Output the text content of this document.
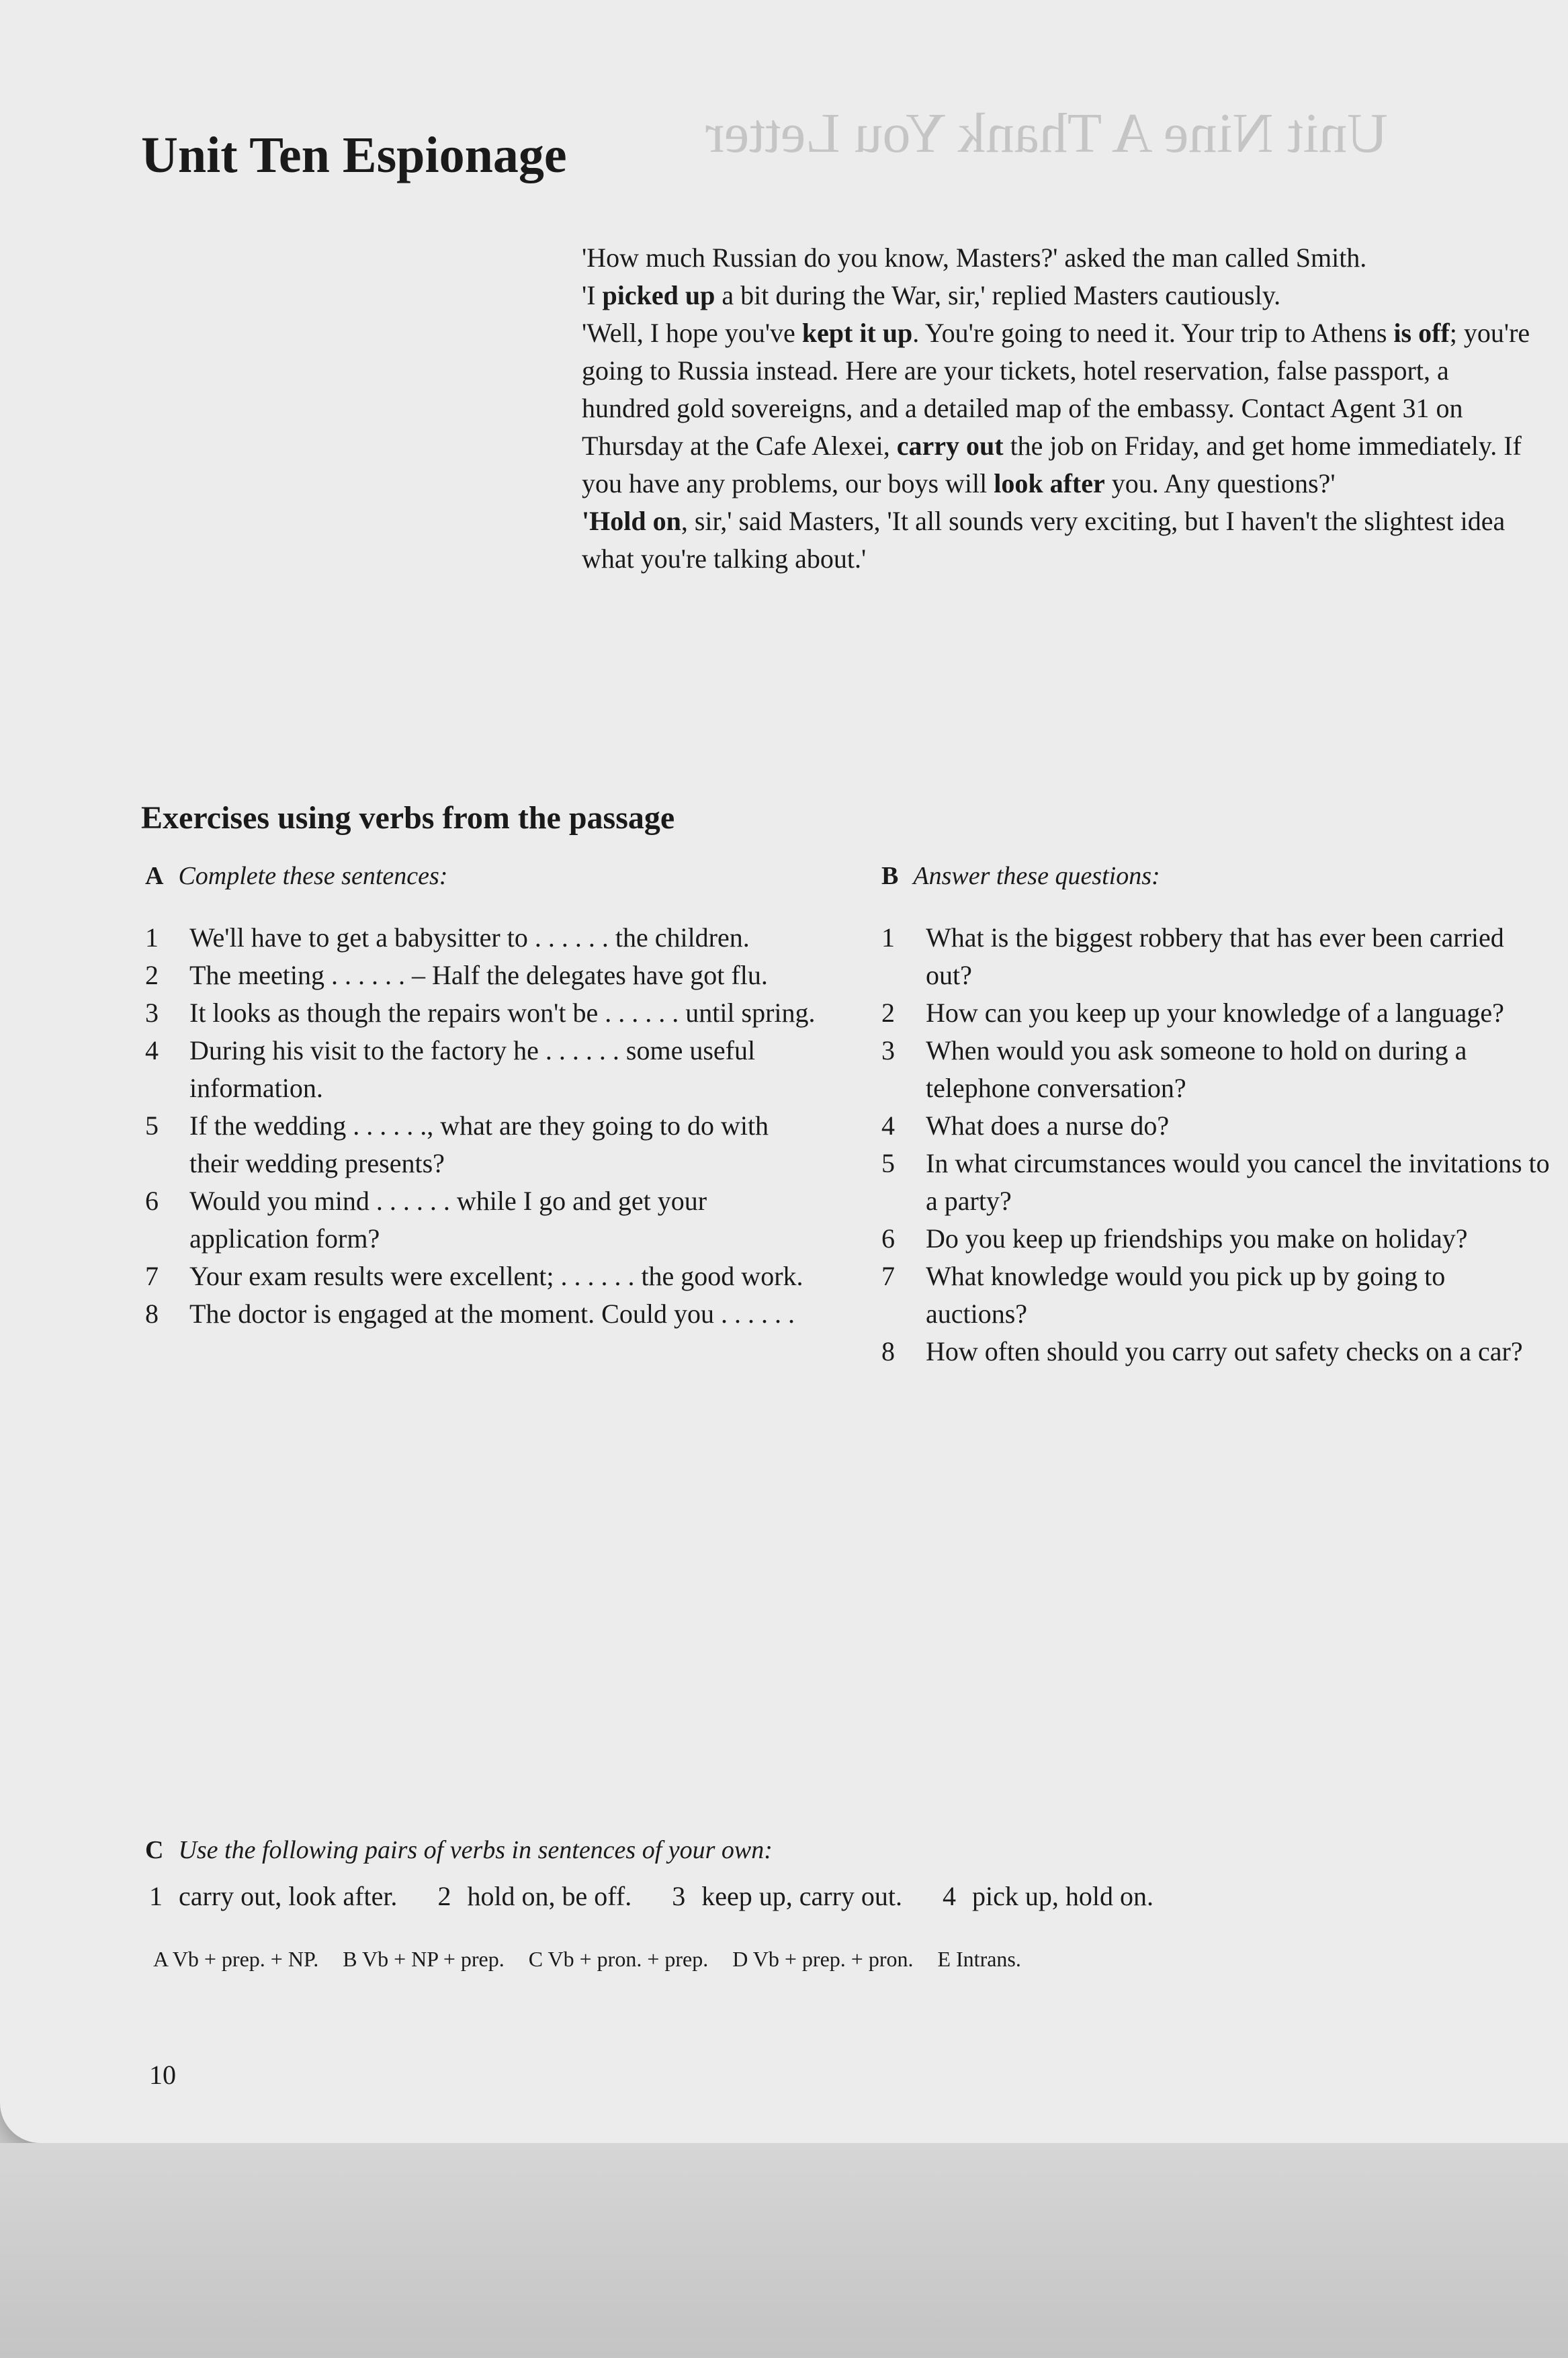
Unit Nine A Thank You Letter
Unit Ten Espionage

'How much Russian do you know, Masters?' asked the man called Smith.

'I picked up a bit during the War, sir,' replied Masters cautiously.

'Well, I hope you've kept it up. You're going to need it. Your trip to Athens is off; you're going to Russia instead. Here are your tickets, hotel reservation, false passport, a hundred gold sovereigns, and a detailed map of the embassy. Contact Agent 31 on Thursday at the Cafe Alexei, carry out the job on Friday, and get home immediately. If you have any problems, our boys will look after you. Any questions?'

'Hold on, sir,' said Masters, 'It all sounds very exciting, but I haven't the slightest idea what you're talking about.'

Exercises using verbs from the passage
A Complete these sentences:
1	We'll have to get a babysitter to . . . . . . the children.
2	The meeting . . . . . . – Half the delegates have got flu.
3	It looks as though the repairs won't be . . . . . . until spring.
4	During his visit to the factory he . . . . . . some useful information.
5	If the wedding . . . . . ., what are they going to do with their wedding presents?
6	Would you mind . . . . . . while I go and get your application form?
7	Your exam results were excellent; . . . . . . the good work.
8	The doctor is engaged at the moment. Could you . . . . . .
B Answer these questions:
1	What is the biggest robbery that has ever been carried out?
2	How can you keep up your knowledge of a language?
3	When would you ask someone to hold on during a telephone conversation?
4	What does a nurse do?
5	In what circumstances would you cancel the invitations to a party?
6	Do you keep up friendships you make on holiday?
7	What knowledge would you pick up by going to auctions?
8	How often should you carry out safety checks on a car?
C Use the following pairs of verbs in sentences of your own:

1 carry out, look after. 2 hold on, be off. 3 keep up, carry out. 4 pick up, hold on.

A Vb + prep. + NP. B Vb + NP + prep. C Vb + pron. + prep. D Vb + prep. + pron. E Intrans.

10
